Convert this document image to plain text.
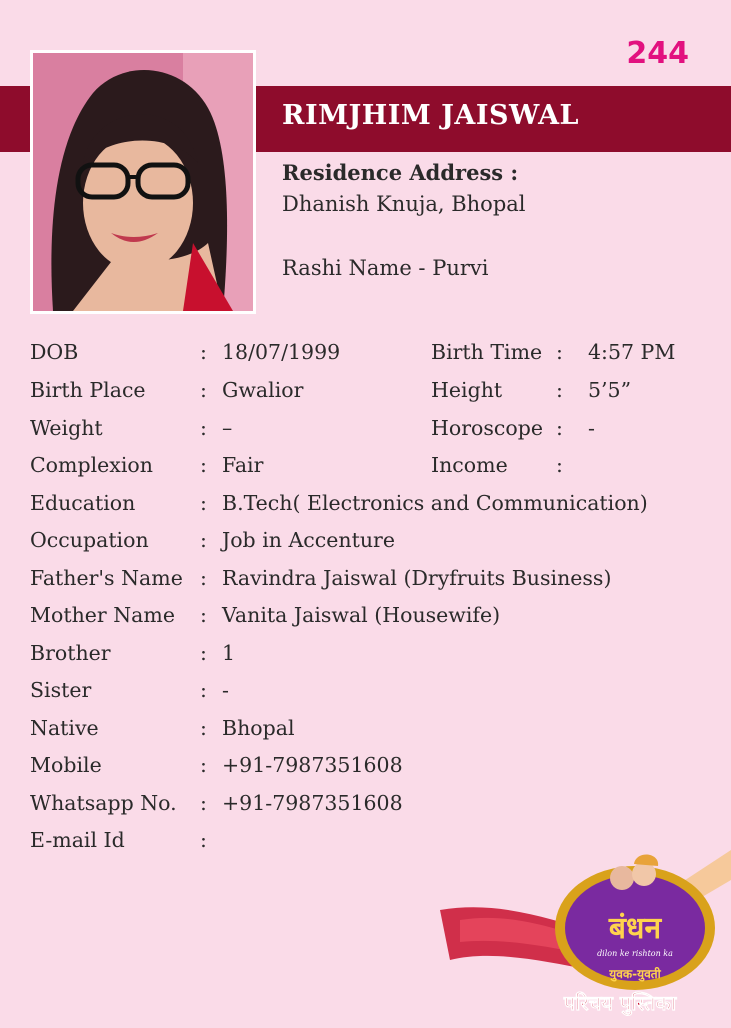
244
RIMJHIM JAISWAL
Residence Address :
Dhanish Knuja, Bhopal
Rashi Name - Purvi
DOB	: 18/07/1999	Birth Time : 4:57 PM
Birth Place	: Gwalior	Height	: 5’5”
Weight	: –	Horoscope : -
Complexion : Fair	Income :
Education	: B.Tech( Electronics and Communication)
Occupation	: Job in Accenture
Father's Name : Ravindra Jaiswal (Dryfruits Business)
Mother Name : Vanita Jaiswal (Housewife)
Brother	: 1
Sister	: -
Native	: Bhopal
Mobile	: +91-7987351608
Whatsapp No. : +91-7987351608
E-mail Id	:
बंधन
dilon ke rishton ka
युवक-युवती
परिचय पुस्तिका
